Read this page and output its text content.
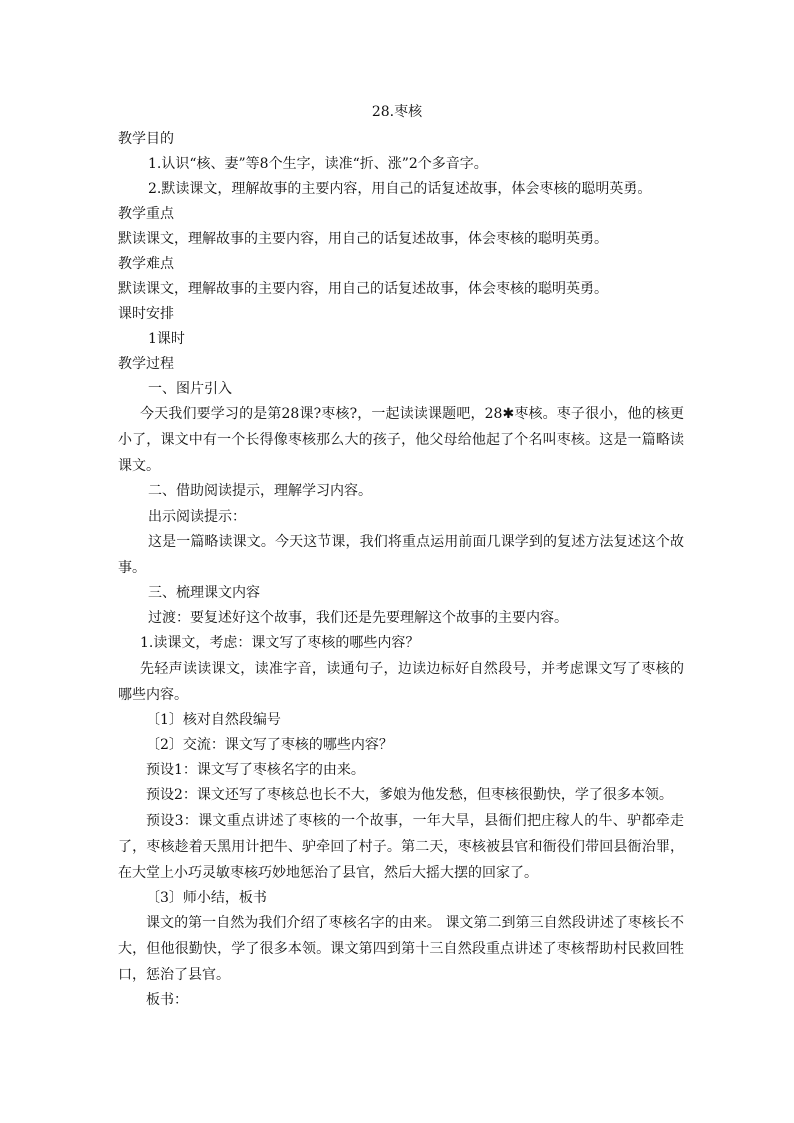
28.枣核
教学目的
1.认识“核、妻”等8个生字，读准“折、涨”2个多音字。
2.默读课文，理解故事的主要内容，用自己的话复述故事，体会枣核的聪明英勇。
教学重点
默读课文，理解故事的主要内容，用自己的话复述故事，体会枣核的聪明英勇。
教学难点
默读课文，理解故事的主要内容，用自己的话复述故事，体会枣核的聪明英勇。
课时安排
1课时
教学过程
一、图片引入
今天我们要学习的是第28课?枣核?，一起读读课题吧，28✱枣核。枣子很小，他的核更小了，课文中有一个长得像枣核那么大的孩子，他父母给他起了个名叫枣核。这是一篇略读课文。
二、借助阅读提示，理解学习内容。
出示阅读提示：
这是一篇略读课文。今天这节课，我们将重点运用前面几课学到的复述方法复述这个故事。
三、梳理课文内容
过渡：要复述好这个故事，我们还是先要理解这个故事的主要内容。
1.读课文，考虑：课文写了枣核的哪些内容？
先轻声读读课文，读准字音，读通句子，边读边标好自然段号，并考虑课文写了枣核的哪些内容。
〔1〕核对自然段编号
〔2〕交流：课文写了枣核的哪些内容？
预设1：课文写了枣核名字的由来。
预设2：课文还写了枣核总也长不大，爹娘为他发愁，但枣核很勤快，学了很多本领。
预设3：课文重点讲述了枣核的一个故事，一年大旱，县衙们把庄稼人的牛、驴都牵走了，枣核趁着天黑用计把牛、驴牵回了村子。第二天，枣核被县官和衙役们带回县衙治罪，在大堂上小巧灵敏枣核巧妙地惩治了县官，然后大摇大摆的回家了。
〔3〕师小结，板书
课文的第一自然为我们介绍了枣核名字的由来。 课文第二到第三自然段讲述了枣核长不大，但他很勤快，学了很多本领。课文第四到第十三自然段重点讲述了枣核帮助村民救回牲口，惩治了县官。
板书：
